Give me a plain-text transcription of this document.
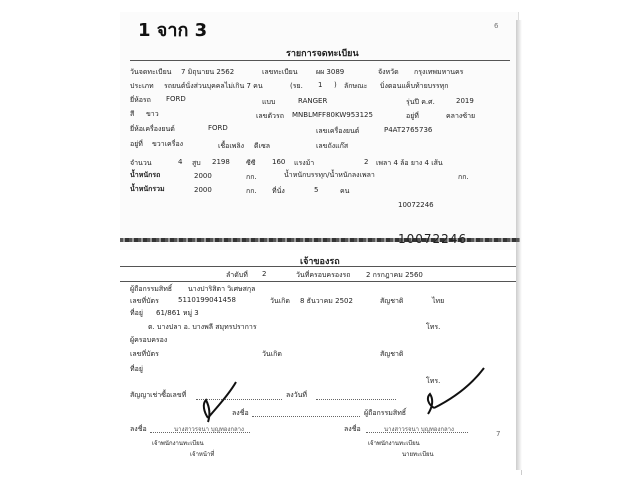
1 จาก 3	6
รายการจดทะเบียน
วันจดทะเบียน 7 มิถุนายน 2562	เลขทะเบียน	ผผ 3089	จังหวัด กรุงเทพมหานคร
ประเภท รถยนต์นั่งส่วนบุคคลไม่เกิน 7 คน	(รย. 1 ) ลักษณะ บิ่งตอนแค็บท้ายบรรทุก
ยี่ห้อรถ FORD	แบบ	RANGER	รุ่นปี ค.ศ.	2019
สี ขาว	เลขตัวรถ MNBLMFF80KW953125	อยู่ที่	คลางซ้าย
ยี่ห้อเครื่องยนต์	FORD	เลขเครื่องยนต์	P4AT2765736
อยู่ที่ ขวาเครื่อง	เชื้อเพลิง ดีเซล	เลขถังแก๊ส
จำนวน	4 สูบ 2198 ซีซี 160 แรงม้า	2 เพลา 4 ล้อ ยาง 4 เส้น
น้ำหนักรถ	2000	กก.	น้ำหนักบรรทุก/น้ำหนักลงเพลา	กก.
น้ำหนักรวม	2000	กก. ที่นั่ง	5	คน
10072246
10072246
เจ้าของรถ
ลำดับที่ 2	วันที่ครอบครองรถ 2 กรกฎาคม 2560
ผู้ถือกรรมสิทธิ์ นางปาริสิตา วิเศษสกุล
เลขที่บัตร	5110199041458	วันเกิด 8 ธันวาคม 2502	สัญชาติ	ไทย
ที่อยู่ 61/861 หมู่ 3
ต. บางปลา อ. บางพลี สมุทรปราการ	โทร.
ผู้ครอบครอง
เลขที่บัตร	วันเกิด	สัญชาติ
ที่อยู่
โทร.
สัญญาเช่าซื้อเลขที่	ลงวันที่
ลงชื่อ	ผู้ถือกรรมสิทธิ์
ลงชื่อ	นางสาวรจนา บุญทองกลาง
เจ้าพนักงานทะเบียน
เจ้าหน้าที่
ลงชื่อ	นางสาวรจนา บุญทองกลาง
เจ้าพนักงานทะเบียน
นายทะเบียน
7
